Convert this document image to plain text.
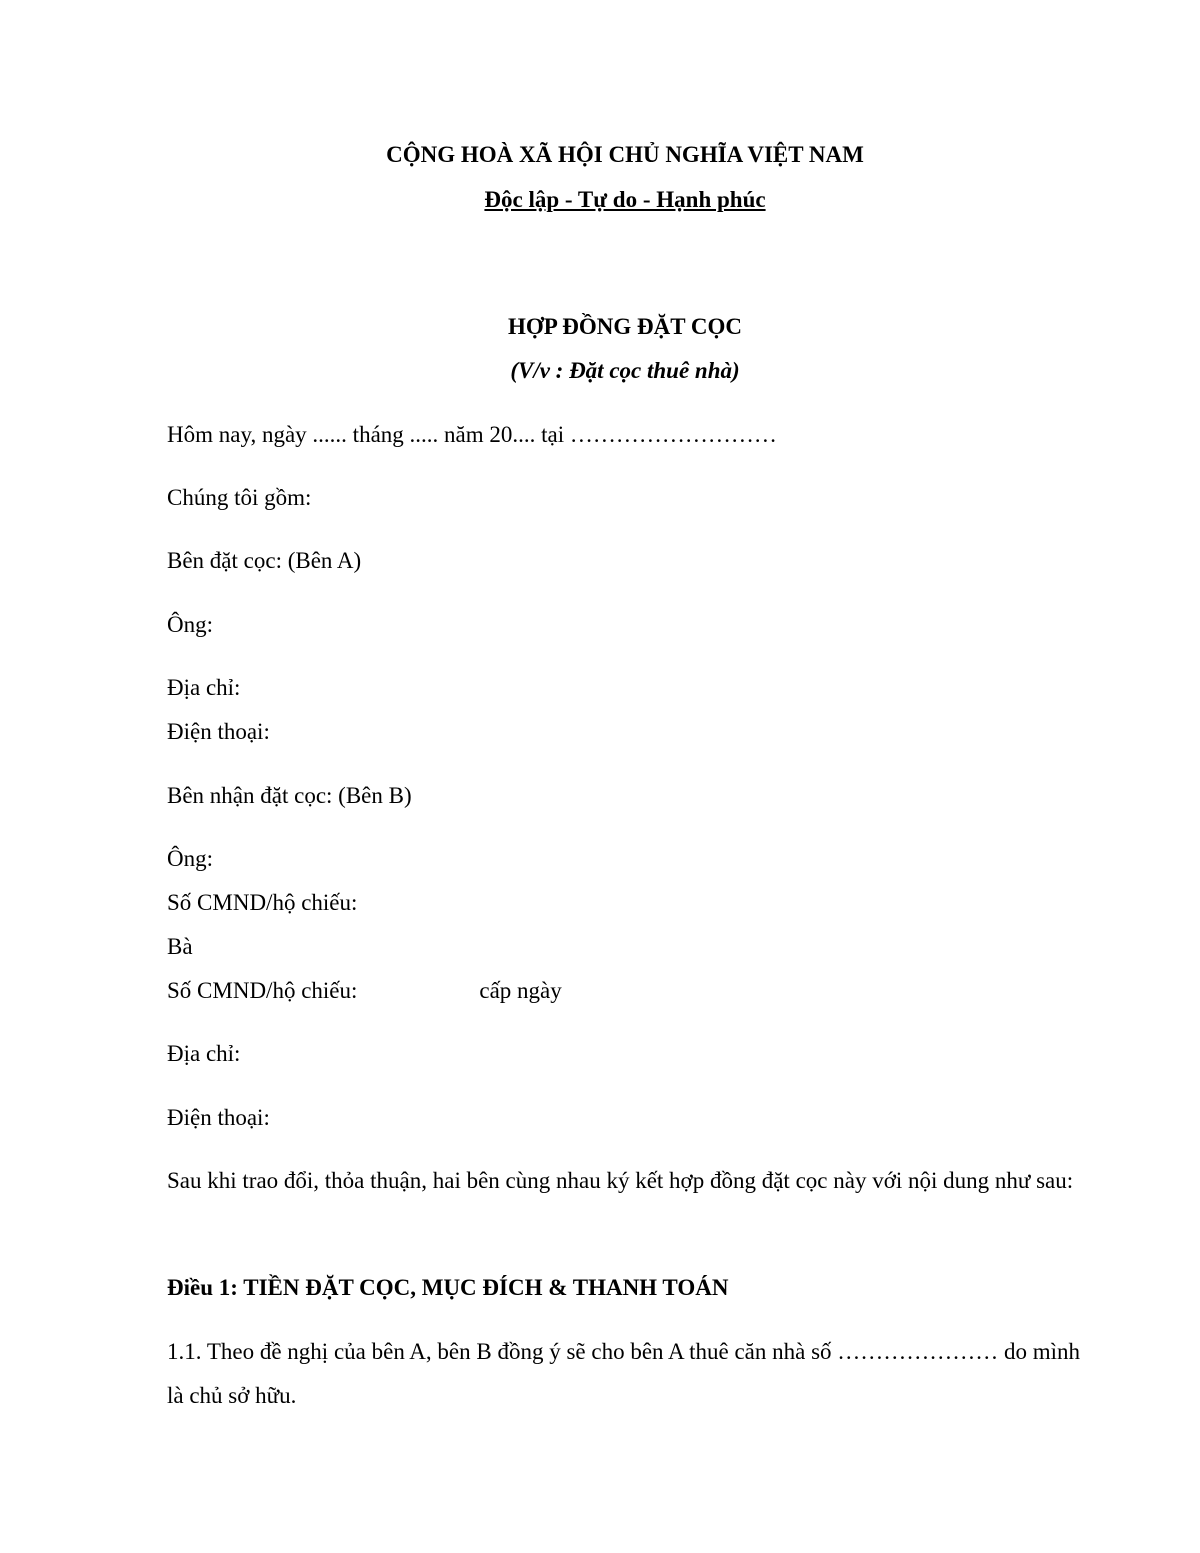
CỘNG HOÀ XÃ HỘI CHỦ NGHĨA VIỆT NAM
Độc lập - Tự do - Hạnh phúc
HỢP ĐỒNG ĐẶT CỌC
(V/v : Đặt cọc thuê nhà)
Hôm nay, ngày ...... tháng ..... năm 20.... tại ………………………
Chúng tôi gồm:
Bên đặt cọc: (Bên A)
Ông:
Địa chỉ:
Điện thoại:
Bên nhận đặt cọc: (Bên B)
Ông:
Số CMND/hộ chiếu:
Bà
Số CMND/hộ chiếu:	cấp ngày
Địa chỉ:
Điện thoại:
Sau khi trao đổi, thỏa thuận, hai bên cùng nhau ký kết hợp đồng đặt cọc này với nội dung như sau:
Điều 1: TIỀN ĐẶT CỌC, MỤC ĐÍCH & THANH TOÁN
1.1. Theo đề nghị của bên A, bên B đồng ý sẽ cho bên A thuê căn nhà số ………………… do mình là chủ sở hữu.
